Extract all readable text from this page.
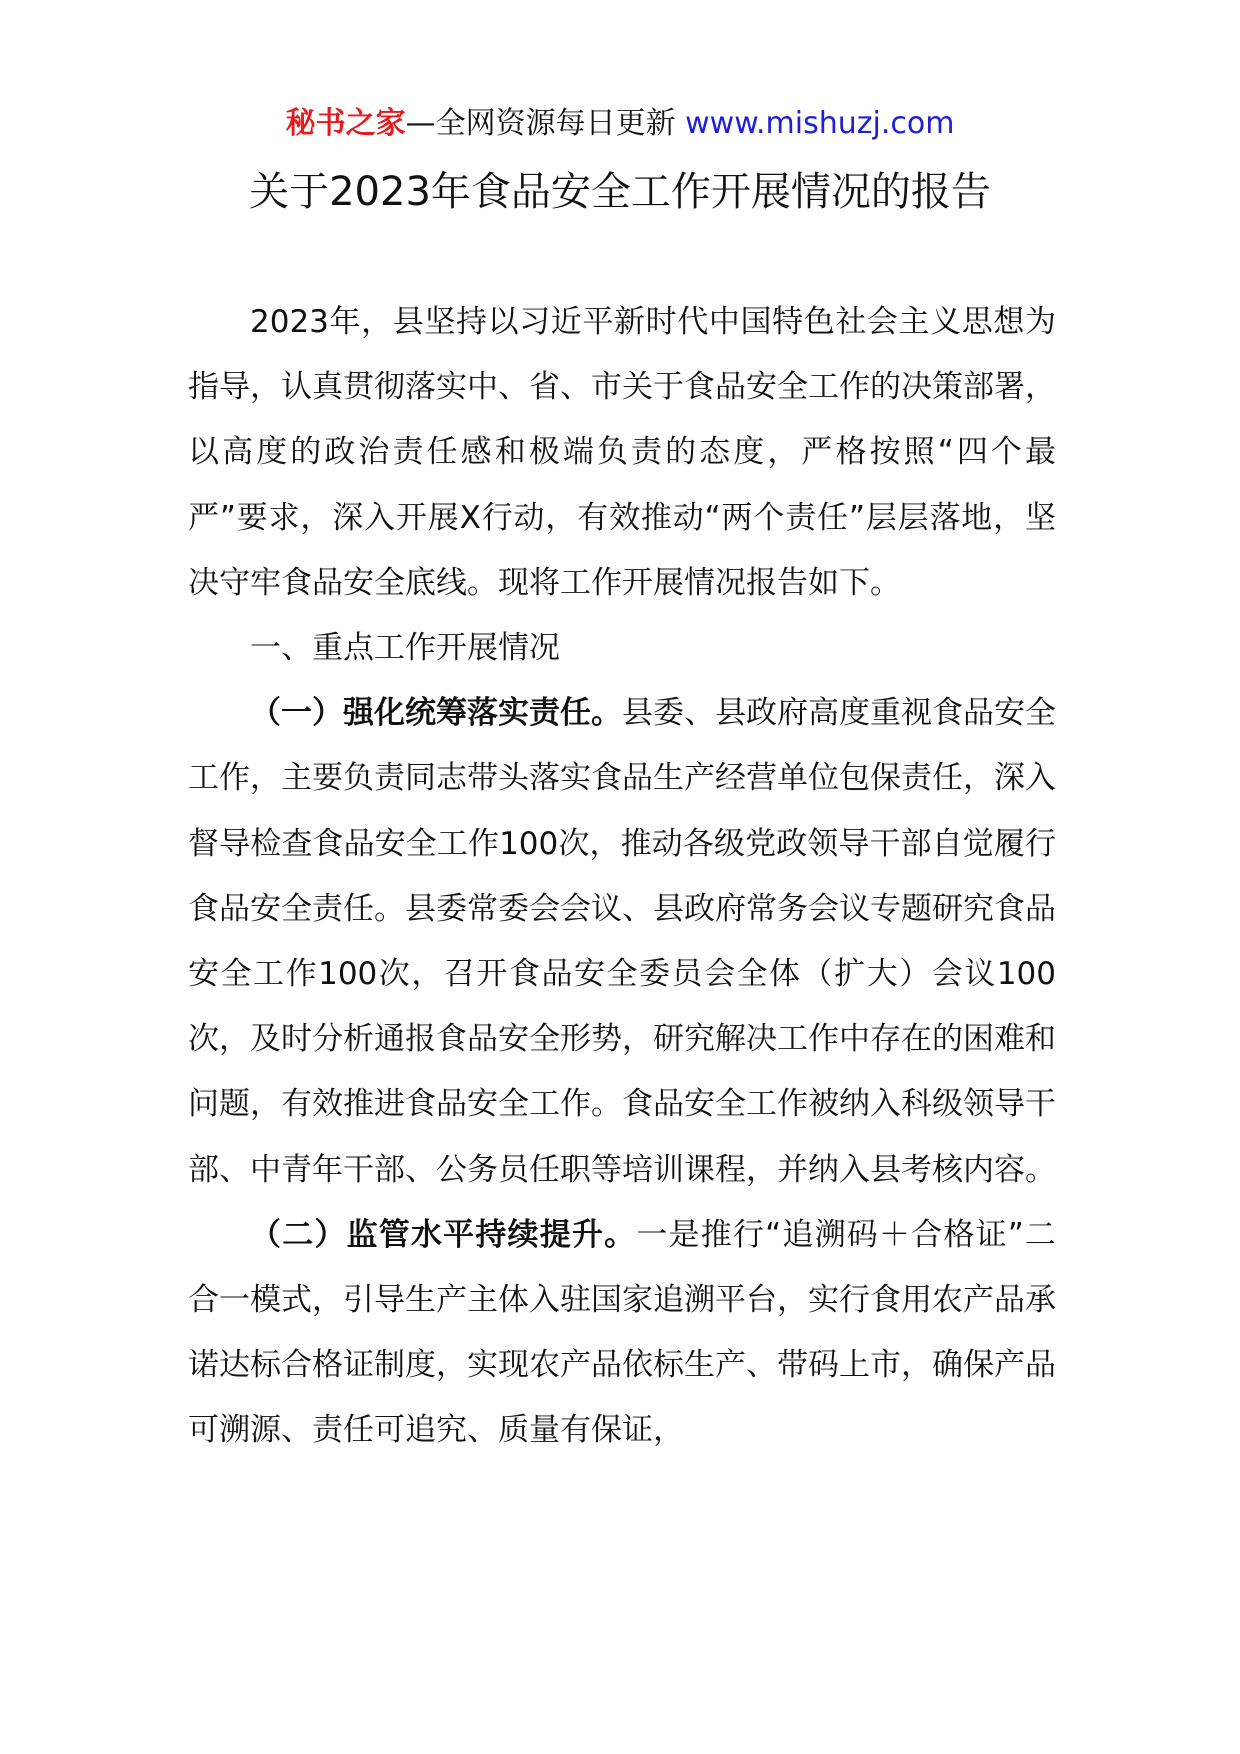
秘书之家—全网资源每日更新 www.mishuzj.com
关于2023年食品安全工作开展情况的报告

2023年，县坚持以习近平新时代中国特色社会主义思想为指导，认真贯彻落实中、省、市关于食品安全工作的决策部署，以高度的政治责任感和极端负责的态度，严格按照“四个最严”要求，深入开展X行动，有效推动“两个责任”层层落地，坚决守牢食品安全底线。现将工作开展情况报告如下。

一、重点工作开展情况

（一）强化统筹落实责任。县委、县政府高度重视食品安全工作，主要负责同志带头落实食品生产经营单位包保责任，深入督导检查食品安全工作100次，推动各级党政领导干部自觉履行食品安全责任。县委常委会会议、县政府常务会议专题研究食品安全工作100次，召开食品安全委员会全体（扩大）会议100次，及时分析通报食品安全形势，研究解决工作中存在的困难和问题，有效推进食品安全工作。食品安全工作被纳入科级领导干部、中青年干部、公务员任职等培训课程，并纳入县考核内容。

（二）监管水平持续提升。一是推行“追溯码＋合格证”二合一模式，引导生产主体入驻国家追溯平台，实行食用农产品承诺达标合格证制度，实现农产品依标生产、带码上市，确保产品可溯源、责任可追究、质量有保证，
